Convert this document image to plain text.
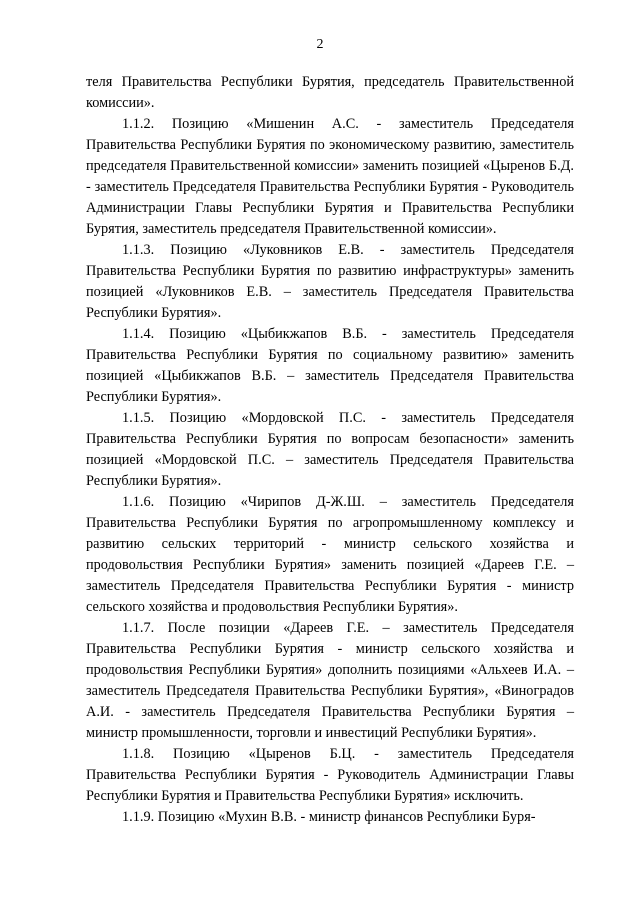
2

теля Правительства Республики Бурятия, председатель Правительственной комиссии».

1.1.2. Позицию «Мишенин А.С. - заместитель Председателя Правительства Республики Бурятия по экономическому развитию, заместитель председателя Правительственной комиссии» заменить позицией «Цыренов Б.Д. - заместитель Председателя Правительства Республики Бурятия - Руководитель Администрации Главы Республики Бурятия и Правительства Республики Бурятия, заместитель председателя Правительственной комиссии».

1.1.3. Позицию «Луковников Е.В. - заместитель Председателя Правительства Республики Бурятия по развитию инфраструктуры» заменить позицией «Луковников Е.В. – заместитель Председателя Правительства Республики Бурятия».

1.1.4. Позицию «Цыбикжапов В.Б. - заместитель Председателя Правительства Республики Бурятия по социальному развитию» заменить позицией «Цыбикжапов В.Б. – заместитель Председателя Правительства Республики Бурятия».

1.1.5. Позицию «Мордовской П.С. - заместитель Председателя Правительства Республики Бурятия по вопросам безопасности» заменить позицией «Мордовской П.С. – заместитель Председателя Правительства Республики Бурятия».

1.1.6. Позицию «Чирипов Д-Ж.Ш. – заместитель Председателя Правительства Республики Бурятия по агропромышленному комплексу и развитию сельских территорий - министр сельского хозяйства и продовольствия Республики Бурятия» заменить позицией «Дареев Г.Е. – заместитель Председателя Правительства Республики Бурятия - министр сельского хозяйства и продовольствия Республики Бурятия».

1.1.7. После позиции «Дареев Г.Е. – заместитель Председателя Правительства Республики Бурятия - министр сельского хозяйства и продовольствия Республики Бурятия» дополнить позициями «Альхеев И.А. – заместитель Председателя Правительства Республики Бурятия», «Виноградов А.И. - заместитель Председателя Правительства Республики Бурятия – министр промышленности, торговли и инвестиций Республики Бурятия».

1.1.8. Позицию «Цыренов Б.Ц. - заместитель Председателя Правительства Республики Бурятия - Руководитель Администрации Главы Республики Бурятия и Правительства Республики Бурятия» исключить.

1.1.9. Позицию «Мухин В.В. - министр финансов Республики Буря-
